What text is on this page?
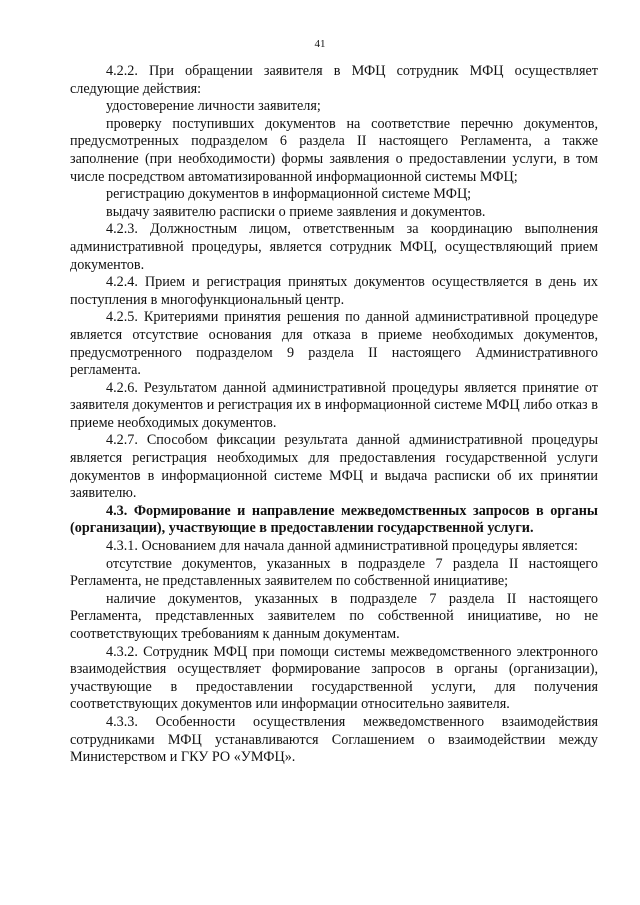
41

4.2.2. При обращении заявителя в МФЦ сотрудник МФЦ осуществляет следующие действия:

удостоверение личности заявителя;

проверку поступивших документов на соответствие перечню документов, предусмотренных подразделом 6 раздела II настоящего Регламента, а также заполнение (при необходимости) формы заявления о предоставлении услуги, в том числе посредством автоматизированной информационной системы МФЦ;

регистрацию документов в информационной системе МФЦ;

выдачу заявителю расписки о приеме заявления и документов.

4.2.3. Должностным лицом, ответственным за координацию выполнения административной процедуры, является сотрудник МФЦ, осуществляющий прием документов.

4.2.4. Прием и регистрация принятых документов осуществляется в день их поступления в многофункциональный центр.

4.2.5. Критериями принятия решения по данной административной процедуре является отсутствие основания для отказа в приеме необходимых документов, предусмотренного подразделом 9 раздела II настоящего Административного регламента.

4.2.6. Результатом данной административной процедуры является принятие от заявителя документов и регистрация их в информационной системе МФЦ либо отказ в приеме необходимых документов.

4.2.7. Способом фиксации результата данной административной процедуры является регистрация необходимых для предоставления государственной услуги документов в информационной системе МФЦ и выдача расписки об их принятии заявителю.

4.3. Формирование и направление межведомственных запросов в органы (организации), участвующие в предоставлении государственной услуги.

4.3.1. Основанием для начала данной административной процедуры является:

отсутствие документов, указанных в подразделе 7 раздела II настоящего Регламента, не представленных заявителем по собственной инициативе;

наличие документов, указанных в подразделе 7 раздела II настоящего Регламента, представленных заявителем по собственной инициативе, но не соответствующих требованиям к данным документам.

4.3.2. Сотрудник МФЦ при помощи системы межведомственного электронного взаимодействия осуществляет формирование запросов в органы (организации), участвующие в предоставлении государственной услуги, для получения соответствующих документов или информации относительно заявителя.

4.3.3. Особенности осуществления межведомственного взаимодействия сотрудниками МФЦ устанавливаются Соглашением о взаимодействии между Министерством и ГКУ РО «УМФЦ».
